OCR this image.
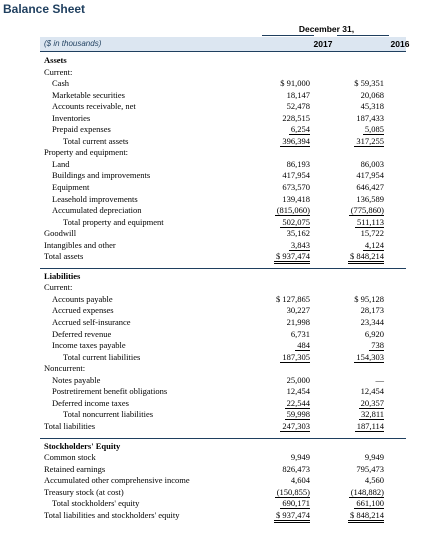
Balance Sheet
December 31,
($ in thousands)	2017	2016
Assets
Current:
Cash	$ 91,000	$ 59,351
Marketable securities	18,147	20,068
Accounts receivable, net	52,478	45,318
Inventories	228,515	187,433
Prepaid expenses	6,254	5,085
Total current assets	396,394	317,255
Property and equipment:
Land	86,193	86,003
Buildings and improvements	417,954	417,954
Equipment	673,570	646,427
Leasehold improvements	139,418	136,589
Accumulated depreciation	(815,060)	(775,860)
Total property and equipment	502,075	511,113
Goodwill	35,162	15,722
Intangibles and other	3,843	4,124
Total assets	$ 937,474	$ 848,214
Liabilities
Current:
Accounts payable	$ 127,865	$ 95,128
Accrued expenses	30,227	28,173
Accrued self-insurance	21,998	23,344
Deferred revenue	6,731	6,920
Income taxes payable	484	738
Total current liabilities	187,305	154,303
Noncurrent:
Notes payable	25,000	—
Postretirement benefit obligations	12,454	12,454
Deferred income taxes	22,544	20,357
Total noncurrent liabilities	59,998	32,811
Total liabilities	247,303	187,114
Stockholders' Equity
Common stock	9,949	9,949
Retained earnings	826,473	795,473
Accumulated other comprehensive income	4,604	4,560
Treasury stock (at cost)	(150,855)	(148,882)
Total stockholders' equity	690,171	661,100
Total liabilities and stockholders' equity	$ 937,474	$ 848,214
